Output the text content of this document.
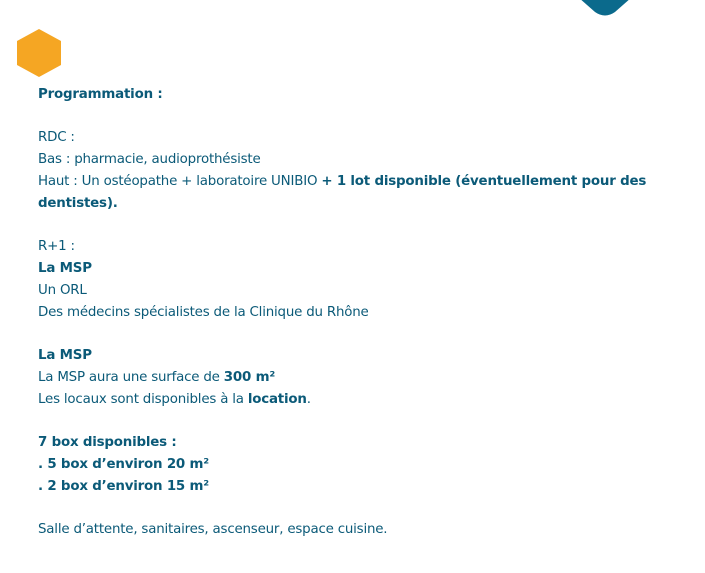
Programmation :
RDC :
Bas : pharmacie, audioprothésiste
Haut : Un ostéopathe + laboratoire UNIBIO + 1 lot disponible (éventuellement pour des dentistes).
R+1 :
La MSP
Un ORL
Des médecins spécialistes de la Clinique du Rhône
La MSP
La MSP aura une surface de 300 m²
Les locaux sont disponibles à la location.
7 box disponibles :
. 5 box d’environ 20 m²
. 2 box d’environ 15 m²
Salle d’attente, sanitaires, ascenseur, espace cuisine.
